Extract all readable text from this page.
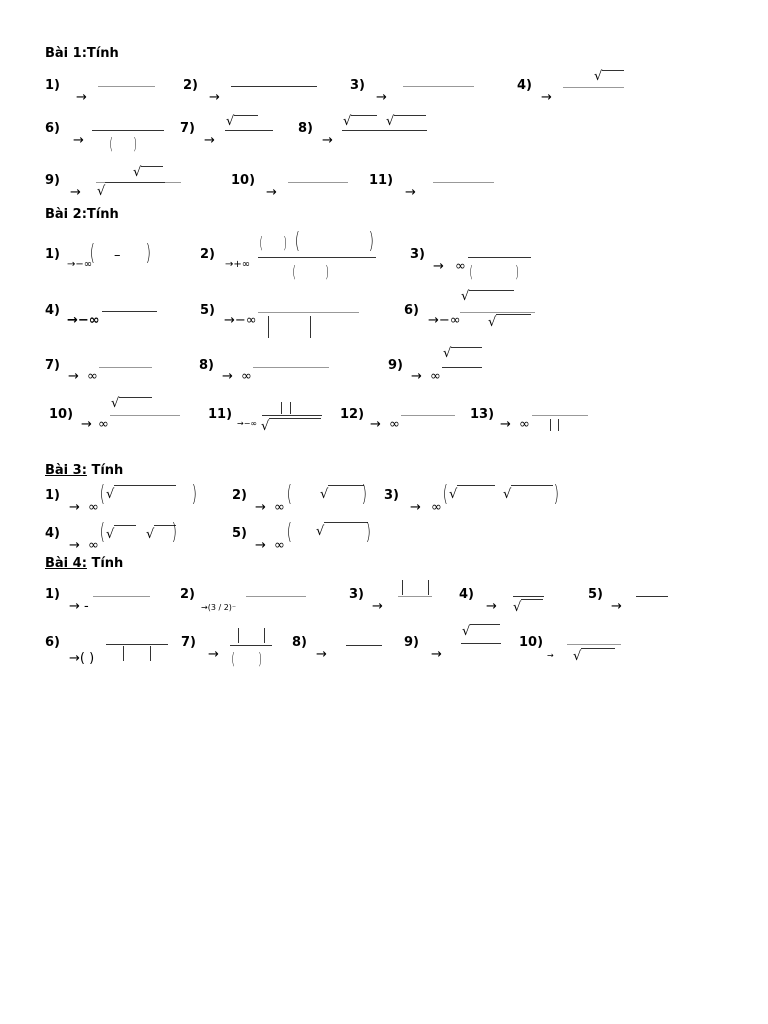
Bài 1:Tính
1)
→
2)
→
3)
→
4)
→
√
6)
→ ( )
7)
→
√	8)
→
√	√
9)
→
√
√
10)
→
11)
→
Bài 2:Tính
1)
→−∞
( – )	2)
→+∞
( ) (	)
( )
3)
→ ∞ (	)
4)
→−∞
5)
→−∞
6)
→−∞
√
√
7)
→ ∞
8)
→ ∞
9)
→ ∞
√
10)
→ ∞
√
11)
→−∞ √
12)
→ ∞
13)
→ ∞
Bài 3: Tính
1)
→ ∞
( √	)	2)
→ ∞
( √ ) 3)
→ ∞
( √	√ )
4)
→ ∞
( √ √ )	5)
→ ∞
( √ )
Bài 4: Tính
1)
→ -
2)
→(3 / 2)⁻
3)
→
4)
→ √
5)
→
6)
→( )
7)
→ ( )
8)
→
9)
→
√
10)
→ √
